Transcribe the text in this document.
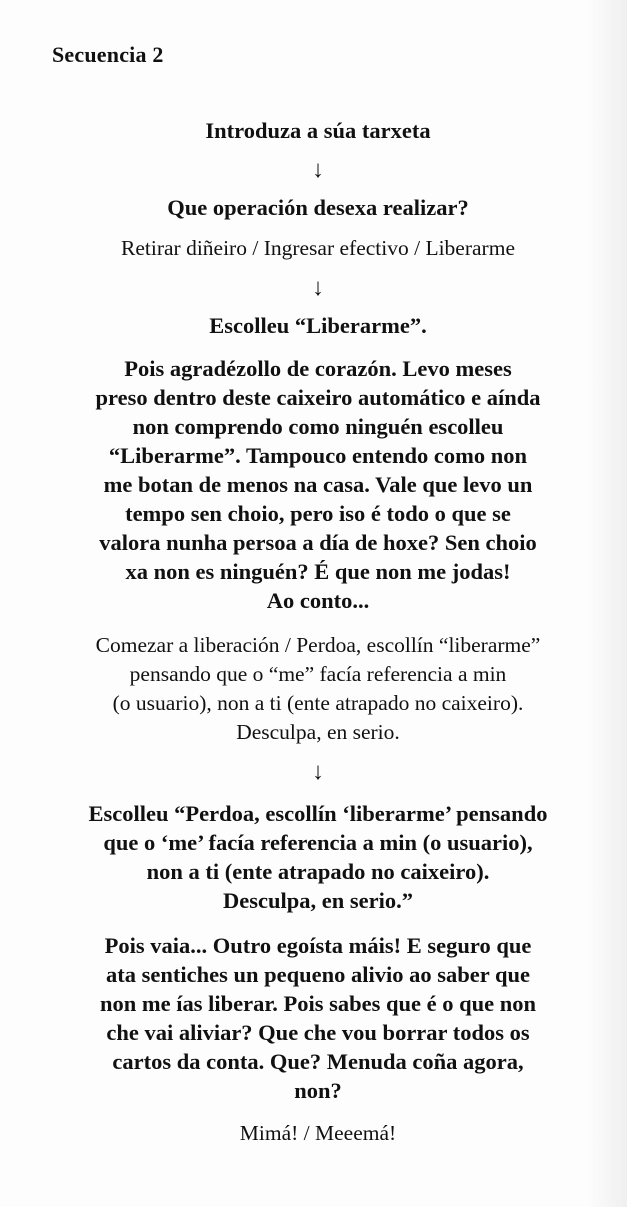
Secuencia 2

Introduza a súa tarxeta

↓

Que operación desexa realizar?

Retirar diñeiro / Ingresar efectivo / Liberarme

↓

Escolleu “Liberarme”.

Pois agradézollo de corazón. Levo meses
preso dentro deste caixeiro automático e aínda
non comprendo como ninguén escolleu
“Liberarme”. Tampouco entendo como non
me botan de menos na casa. Vale que levo un
tempo sen choio, pero iso é todo o que se
valora nunha persoa a día de hoxe? Sen choio
xa non es ninguén? É que non me jodas!
Ao conto...

Comezar a liberación / Perdoa, escollín “liberarme”
pensando que o “me” facía referencia a min
(o usuario), non a ti (ente atrapado no caixeiro).
Desculpa, en serio.

↓

Escolleu “Perdoa, escollín ‘liberarme’ pensando
que o ‘me’ facía referencia a min (o usuario),
non a ti (ente atrapado no caixeiro).
Desculpa, en serio.”

Pois vaia... Outro egoísta máis! E seguro que
ata sentiches un pequeno alivio ao saber que
non me ías liberar. Pois sabes que é o que non
che vai aliviar? Que che vou borrar todos os
cartos da conta. Que? Menuda coña agora,
non?

Mimá! / Meeemá!
